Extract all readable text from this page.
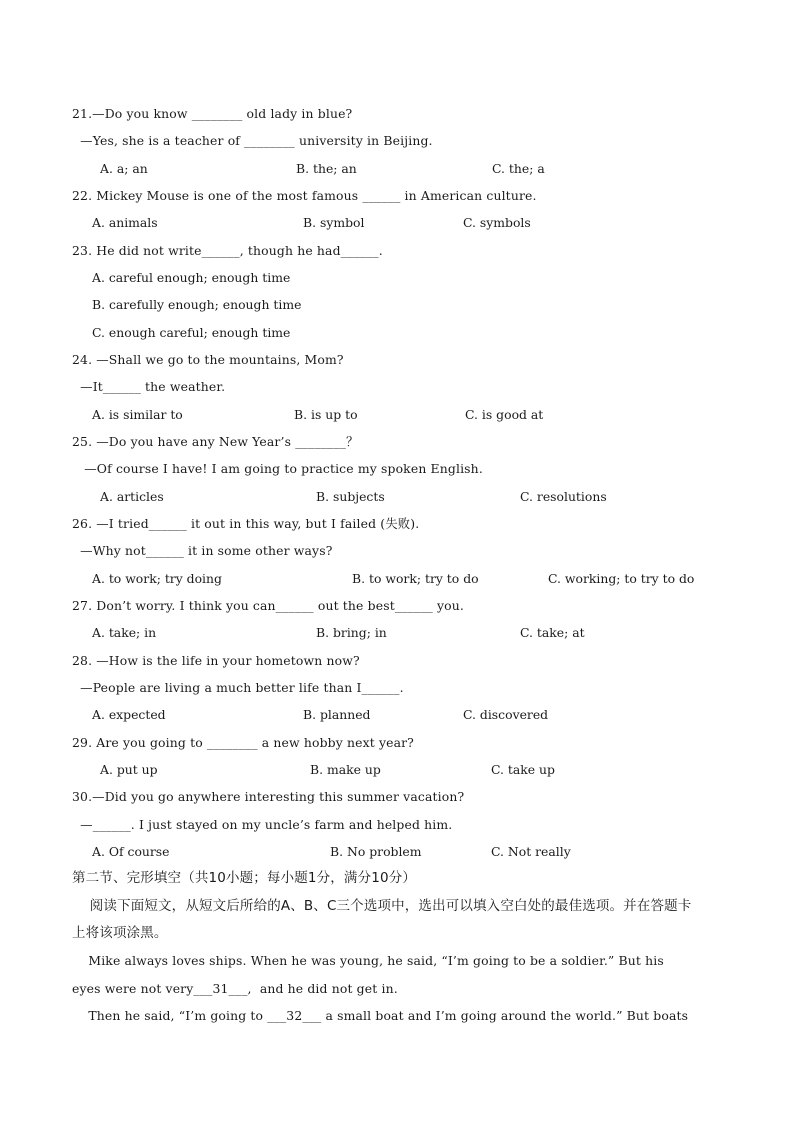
21.—Do you know ________ old lady in blue?
—Yes, she is a teacher of ________ university in Beijing.
A. a; an	B. the; an	C. the; a
22. Mickey Mouse is one of the most famous ______ in American culture.
A. animals	B. symbol	C. symbols
23. He did not write______, though he had______.
A. careful enough; enough time
B. carefully enough; enough time
C. enough careful; enough time
24. —Shall we go to the mountains, Mom?
—It______ the weather.
A. is similar to	B. is up to	C. is good at
25. —Do you have any New Year’s ________？
—Of course I have! I am going to practice my spoken English.
A. articles	B. subjects	C. resolutions
26. —I tried______ it out in this way, but I failed (失败).
—Why not______ it in some other ways?
A. to work; try doing	B. to work; try to do	C. working; to try to do
27. Don’t worry. I think you can______ out the best______ you.
A. take; in	B. bring; in	C. take; at
28. —How is the life in your hometown now?
—People are living a much better life than I______.
A. expected	B. planned	C. discovered
29. Are you going to ________ a new hobby next year?
A. put up	B. make up	C. take up
30.—Did you go anywhere interesting this summer vacation?
—______. I just stayed on my uncle’s farm and helped him.
A. Of course	B. No problem	C. Not really
第二节、完形填空（共10小题；每小题1分，满分10分）
阅读下面短文，从短文后所给的A、B、C三个选项中，选出可以填入空白处的最佳选项。并在答题卡
上将该项涂黑。
Mike always loves ships. When he was young, he said, “I’m going to be a soldier.” But his
eyes were not very___31___,  and he did not get in.
Then he said, “I’m going to ___32___ a small boat and I’m going around the world.” But boats
